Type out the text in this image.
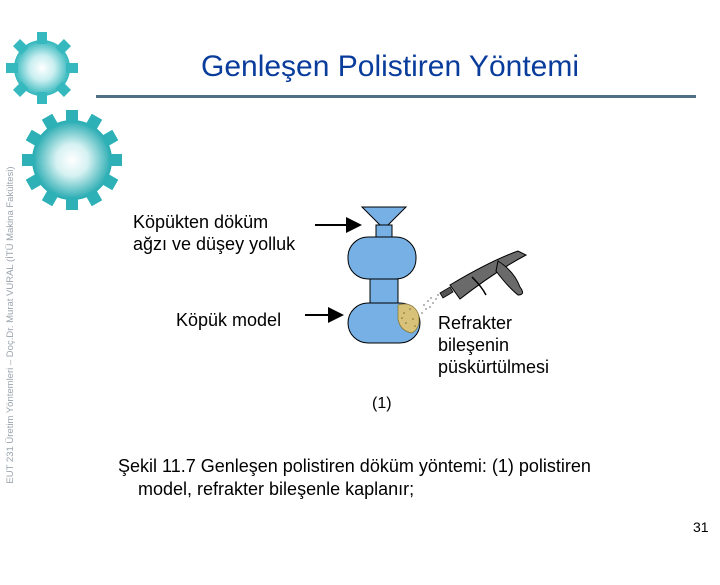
EUT 231 Üretim Yöntemleri – Doç.Dr. Murat VURAL (İTÜ Makina Fakültesi)
Genleşen Polistiren Yöntemi
Köpükten döküm
ağzı ve düşey yolluk
Köpük model	Refrakter
bileşenin
püskürtülmesi
(1)
Şekil 11.7 Genleşen polistiren döküm yöntemi: (1) polistiren
model, refrakter bileşenle kaplanır;
31
